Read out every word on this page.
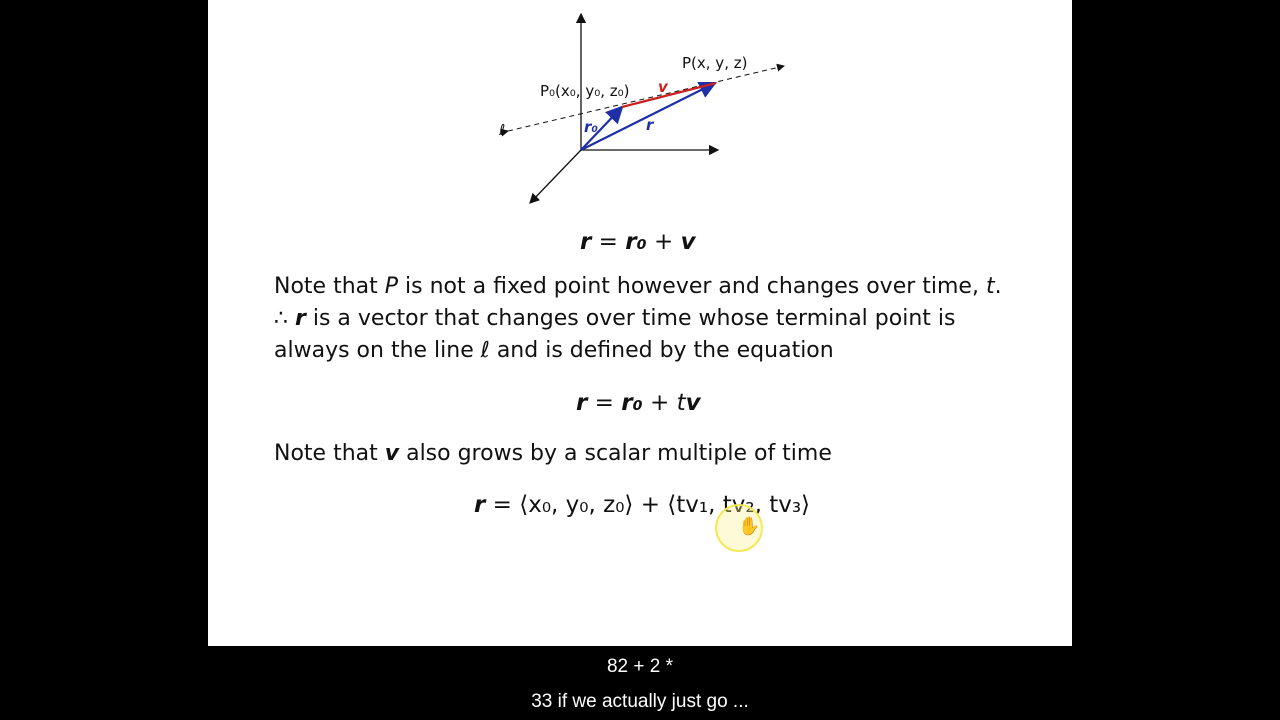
P(x, y, z)
P₀(x₀, y₀, z₀) v
r
r₀
ℓ
r = r₀ + v
Note that P is not a fixed point however and changes over time, t.
∴ r is a vector that changes over time whose terminal point is
always on the line ℓ and is defined by the equation
r = r₀ + tv
Note that v also grows by a scalar multiple of time
r = ⟨x₀, y₀, z₀⟩ + ⟨tv₁, tv₂, tv₃⟩
✋
82 + 2 *
33 if we actually just go ...
